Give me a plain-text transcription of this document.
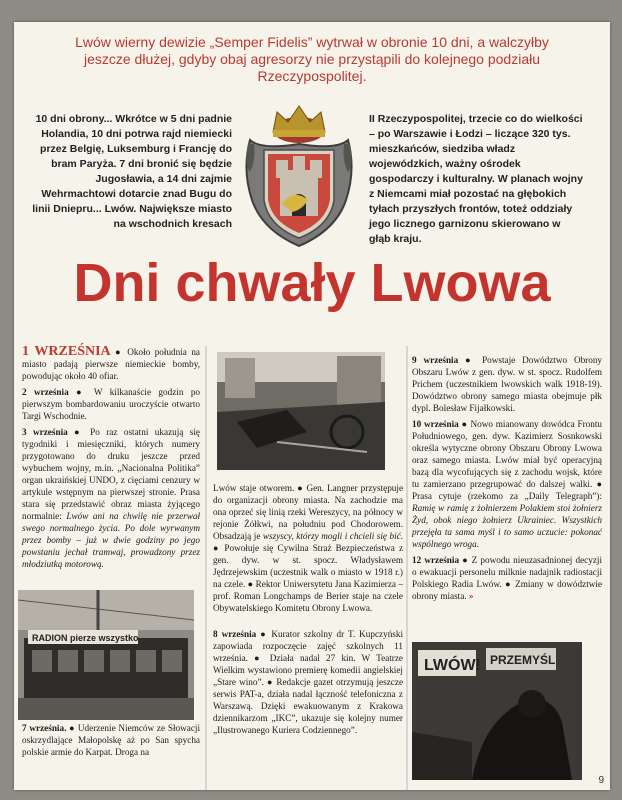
Lwów wierny dewizie „Semper Fidelis” wytrwał w obronie 10 dni, a walczyłby jeszcze dłużej, gdyby obaj agresorzy nie przystąpili do kolejnego podziału Rzeczypospolitej.

10 dni obrony... Wkrótce w 5 dni padnie Holandia, 10 dni potrwa rajd niemiecki przez Belgię, Luksemburg i Francję do bram Paryża. 7 dni bronić się będzie Jugosławia, a 14 dni zajmie Wehrmachtowi dotarcie znad Bugu do linii Dniepru... Lwów. Największe miasto na wschodnich kresach

II Rzeczypospolitej, trzecie co do wielkości – po Warszawie i Łodzi – liczące 320 tys. mieszkańców, siedziba władz wojewódzkich, ważny ośrodek gospodarczy i kulturalny. W planach wojny z Niemcami miał pozostać na głębokich tyłach przyszłych frontów, toteż oddziały jego licznego garnizonu skierowano w głąb kraju.

Dni chwały Lwowa

1 WRZEŚNIA ● Około południa na miasto padają pierwsze niemieckie bomby, powodując około 40 ofiar.

2 września ● W kilkanaście godzin po pierwszym bombardowaniu uroczyście otwarto Targi Wschodnie.

3 września ● Po raz ostatni ukazują się tygodniki i miesięczniki, których numery przygotowano do druku jeszcze przed wybuchem wojny, m.in. „Nacionalna Politika” organ ukraińskiej UNDO, z cięciami cenzury w artykule wstępnym na pierwszej stronie. Prasa stara się przedstawić obraz miasta żyjącego normalnie: Lwów ani na chwilę nie przerwał swego normalnego życia. Po dole wyrwanym przez bomby – już w dwie godziny po jego powstaniu jechał tramwaj, prowadzony przez młodziutką motorową.

RADION pierze wszystko

7 września. ● Uderzenie Niemców ze Słowacji oskrzydlające Małopolskę aż po San spycha polskie armie do Karpat. Droga na

Lwów staje otworem. ● Gen. Langner przystępuje do organizacji obrony miasta. Na zachodzie ma ona oprzeć się linią rzeki Wereszycy, na północy w rejonie Żółkwi, na południu pod Chodorowem. Obsadzają je wszyscy, którzy mogli i chcieli się bić. ● Powołuje się Cywilna Straż Bezpieczeństwa z gen. dyw. w st. spocz. Władysławem Jędrzejewskim (uczestnik walk o miasto w 1918 r.) na czele. ● Rektor Uniwersytetu Jana Kazimierza – prof. Roman Longchamps de Berier staje na czele Obywatelskiego Komitetu Obrony Lwowa.

8 września ● Kurator szkolny dr T. Kupczyński zapowiada rozpoczęcie zajęć szkolnych 11 września. ● Działa nadal 27 kin. W Teatrze Wielkim wystawiono premierę komedii angielskiej „Stare wino”. ● Redakcje gazet otrzymują jeszcze serwis PAT-a, działa nadal łączność telefoniczna z Warszawą. Dzięki ewakuowanym z Krakowa dziennikarzom „IKC”, ukazuje się kolejny numer „Ilustrowanego Kuriera Codziennego”.

9 września ● Powstaje Dowództwo Obrony Obszaru Lwów z gen. dyw. w st. spocz. Rudolfem Prichem (uczestnikiem lwowskich walk 1918-19). Dowództwo obrony samego miasta obejmuje płk dypl. Bolesław Fijałkowski.

10 września ● Nowo mianowany dowódca Frontu Południowego, gen. dyw. Kazimierz Sosnkowski określa wytyczne obrony Obszaru Obrony Lwowa oraz samego miasta. Lwów miał być operacyjną bazą dla wycofujących się z zachodu wojsk, które tu zamierzano przegrupować do dalszej walki. ● Prasa cytuje (rzekomo za „Daily Telegraph”): Ramię w ramię z żołnierzem Polakiem stoi żołnierz Żyd, obok niego żołnierz Ukrainiec. Wszystkich przejęła ta sama myśl i to samo uczucie: pokonać wspólnego wroga.

12 września ● Z powodu nieuzasadnionej decyzji o ewakuacji personelu milknie nadajnik radiostacji Polskiego Radia Lwów. ● Zmiany w dowództwie obrony miasta. »

LWÓW! PRZEMYŚL
9
